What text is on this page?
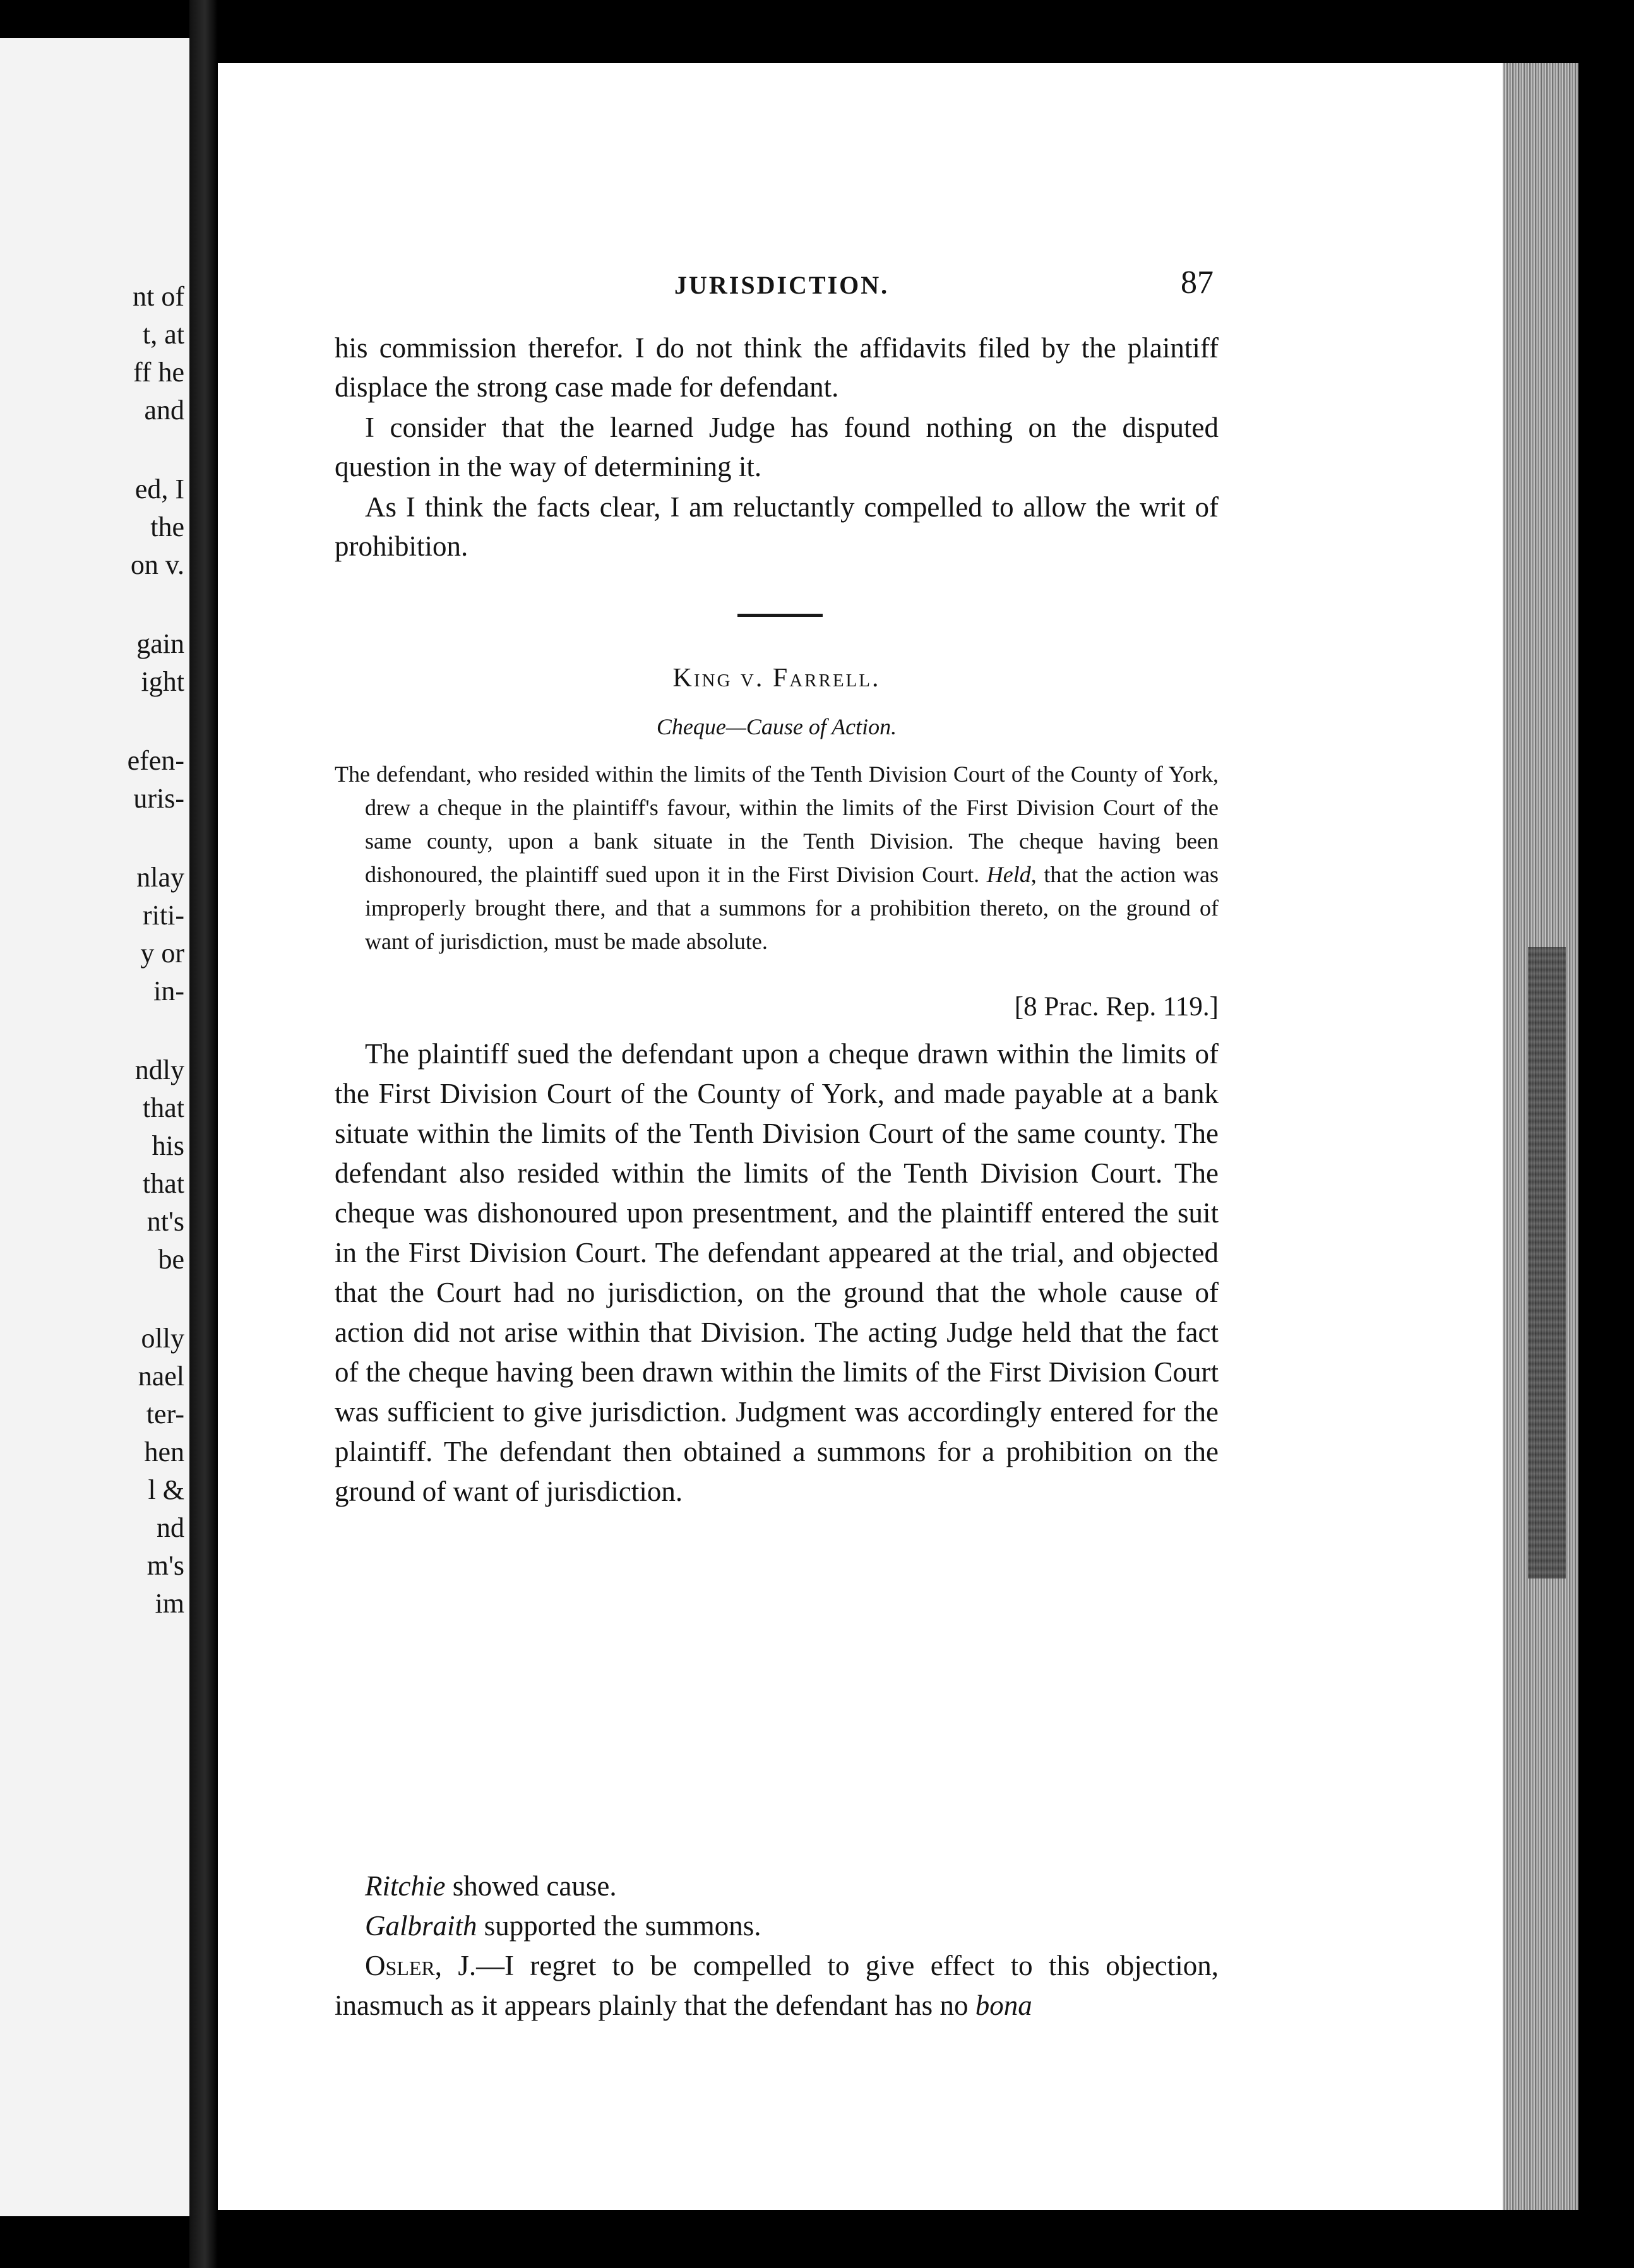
nt of
t, at
ff he
and
ed, I
the
on v.
gain
ight
efen-
uris-
nlay
riti-
y or
in-
ndly
that
his
that
nt's
be
olly
nael
ter-
hen
l &
nd
m's
im
JURISDICTION.	87
his commission therefor. I do not think the affidavits filed by the plaintiff displace the strong case made for defendant.
I consider that the learned Judge has found nothing on the disputed question in the way of determining it.
As I think the facts clear, I am reluctantly compelled to allow the writ of prohibition.
King v. Farrell.
Cheque—Cause of Action.
The defendant, who resided within the limits of the Tenth Division Court of the County of York, drew a cheque in the plaintiff's favour, within the limits of the First Division Court of the same county, upon a bank situate in the Tenth Division. The cheque having been dishonoured, the plaintiff sued upon it in the First Division Court. Held, that the action was improperly brought there, and that a summons for a prohibition thereto, on the ground of want of jurisdiction, must be made absolute.
[8 Prac. Rep. 119.]
The plaintiff sued the defendant upon a cheque drawn within the limits of the First Division Court of the County of York, and made payable at a bank situate within the limits of the Tenth Division Court of the same county. The defendant also resided within the limits of the Tenth Division Court. The cheque was dishonoured upon presentment, and the plaintiff entered the suit in the First Division Court. The defendant appeared at the trial, and objected that the Court had no jurisdiction, on the ground that the whole cause of action did not arise within that Division. The acting Judge held that the fact of the cheque having been drawn within the limits of the First Division Court was sufficient to give jurisdiction. Judgment was accordingly entered for the plaintiff. The defendant then obtained a summons for a prohibition on the ground of want of jurisdiction.
Ritchie showed cause.
Galbraith supported the summons.
Osler, J.—I regret to be compelled to give effect to this objection, inasmuch as it appears plainly that the defendant has no bona
